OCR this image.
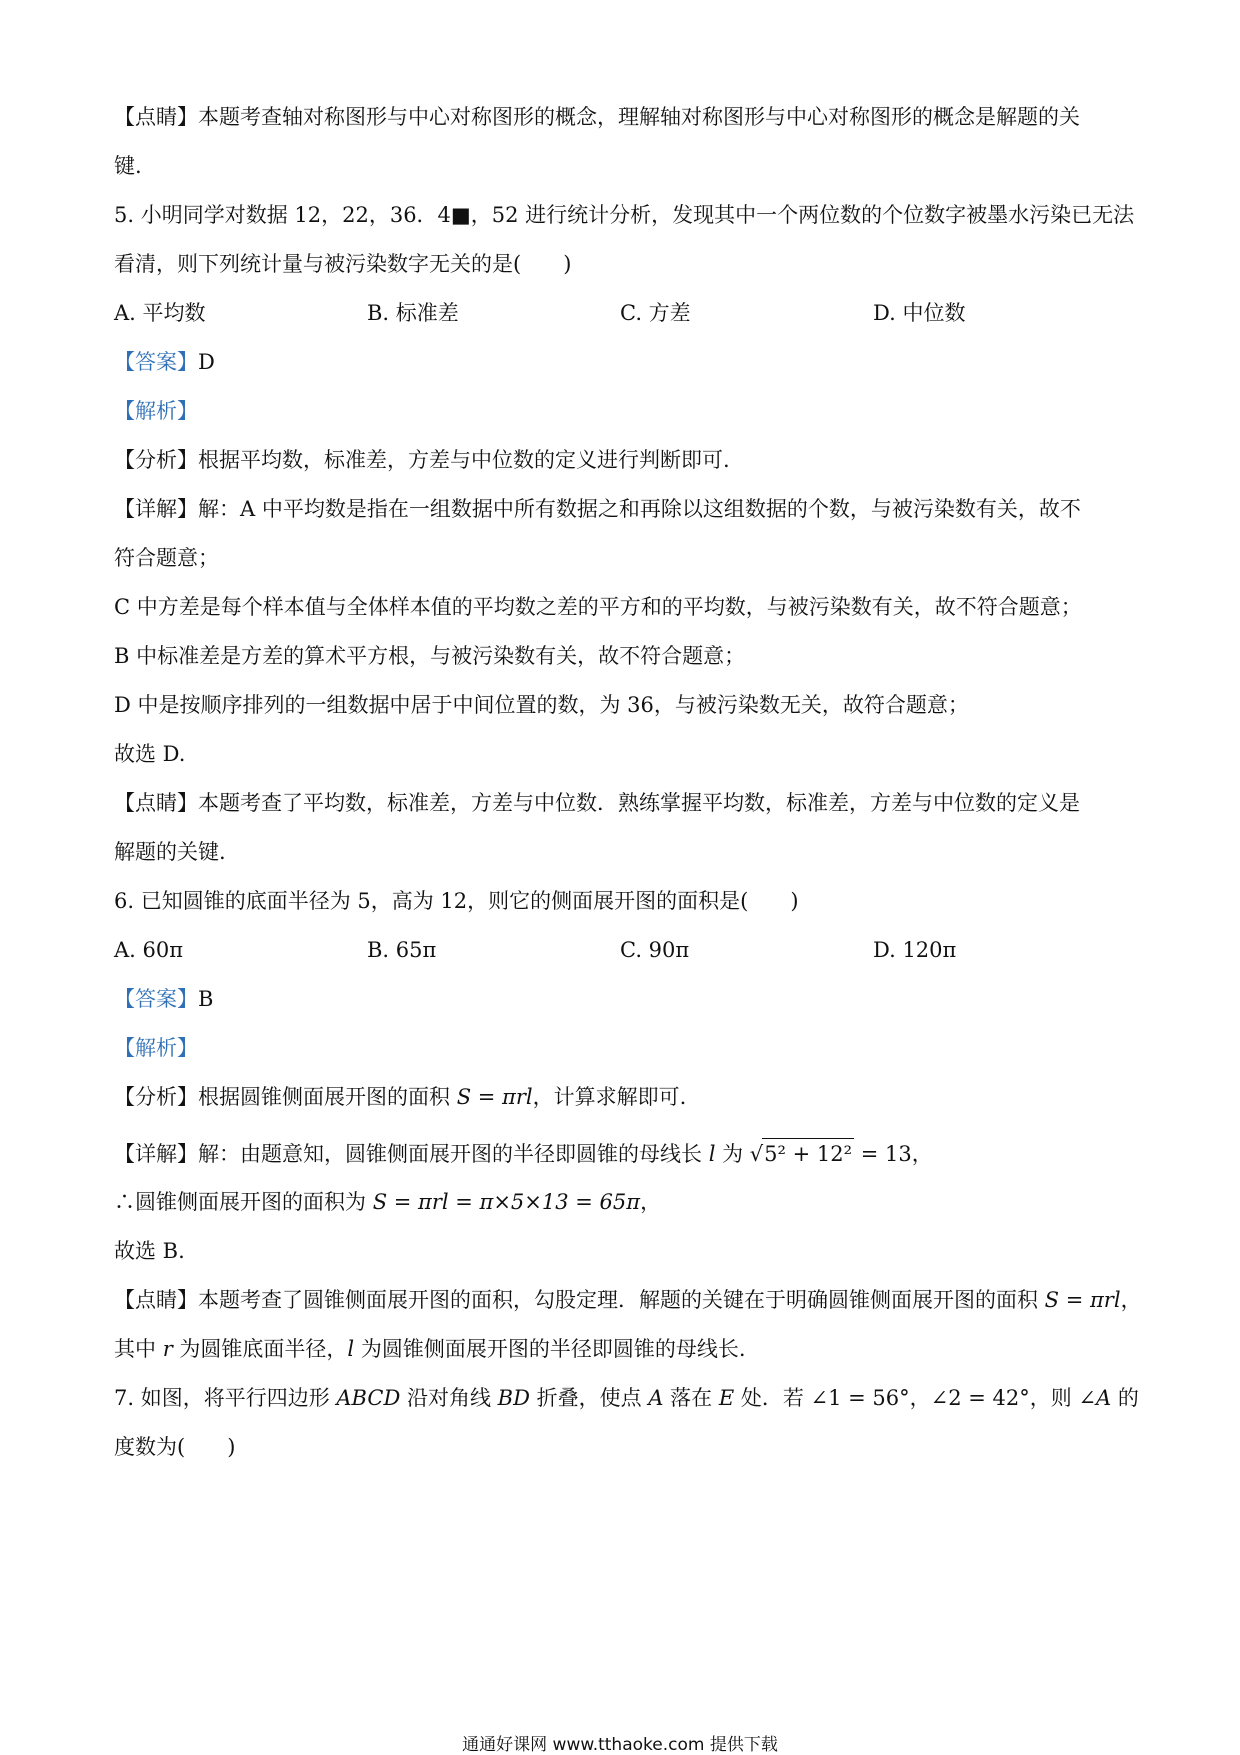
【点睛】本题考查轴对称图形与中心对称图形的概念，理解轴对称图形与中心对称图形的概念是解题的关
键.
5. 小明同学对数据 12，22，36．4■，52 进行统计分析，发现其中一个两位数的个位数字被墨水污染已无法
看清，则下列统计量与被污染数字无关的是(　　)
A. 平均数	B. 标准差	C. 方差	D. 中位数
【答案】D
【解析】
【分析】根据平均数，标准差，方差与中位数的定义进行判断即可.
【详解】解：A 中平均数是指在一组数据中所有数据之和再除以这组数据的个数，与被污染数有关，故不
符合题意；
C 中方差是每个样本值与全体样本值的平均数之差的平方和的平均数，与被污染数有关，故不符合题意；
B 中标准差是方差的算术平方根，与被污染数有关，故不符合题意；
D 中是按顺序排列的一组数据中居于中间位置的数，为 36，与被污染数无关，故符合题意；
故选 D.
【点睛】本题考查了平均数，标准差，方差与中位数．熟练掌握平均数，标准差，方差与中位数的定义是
解题的关键.
6. 已知圆锥的底面半径为 5，高为 12，则它的侧面展开图的面积是(　　)
A. 60π	B. 65π	C. 90π	D. 120π
【答案】B
【解析】
【分析】根据圆锥侧面展开图的面积 S = πrl，计算求解即可.
【详解】解：由题意知，圆锥侧面展开图的半径即圆锥的母线长 l 为 √5² + 12² = 13，
∴圆锥侧面展开图的面积为 S = πrl = π×5×13 = 65π，
故选 B.
【点睛】本题考查了圆锥侧面展开图的面积，勾股定理．解题的关键在于明确圆锥侧面展开图的面积 S = πrl，
其中 r 为圆锥底面半径，l 为圆锥侧面展开图的半径即圆锥的母线长.
7. 如图，将平行四边形 ABCD 沿对角线 BD 折叠，使点 A 落在 E 处．若 ∠1 = 56°，∠2 = 42°，则 ∠A 的
度数为(　　)
通通好课网 www.tthaoke.com 提供下载
